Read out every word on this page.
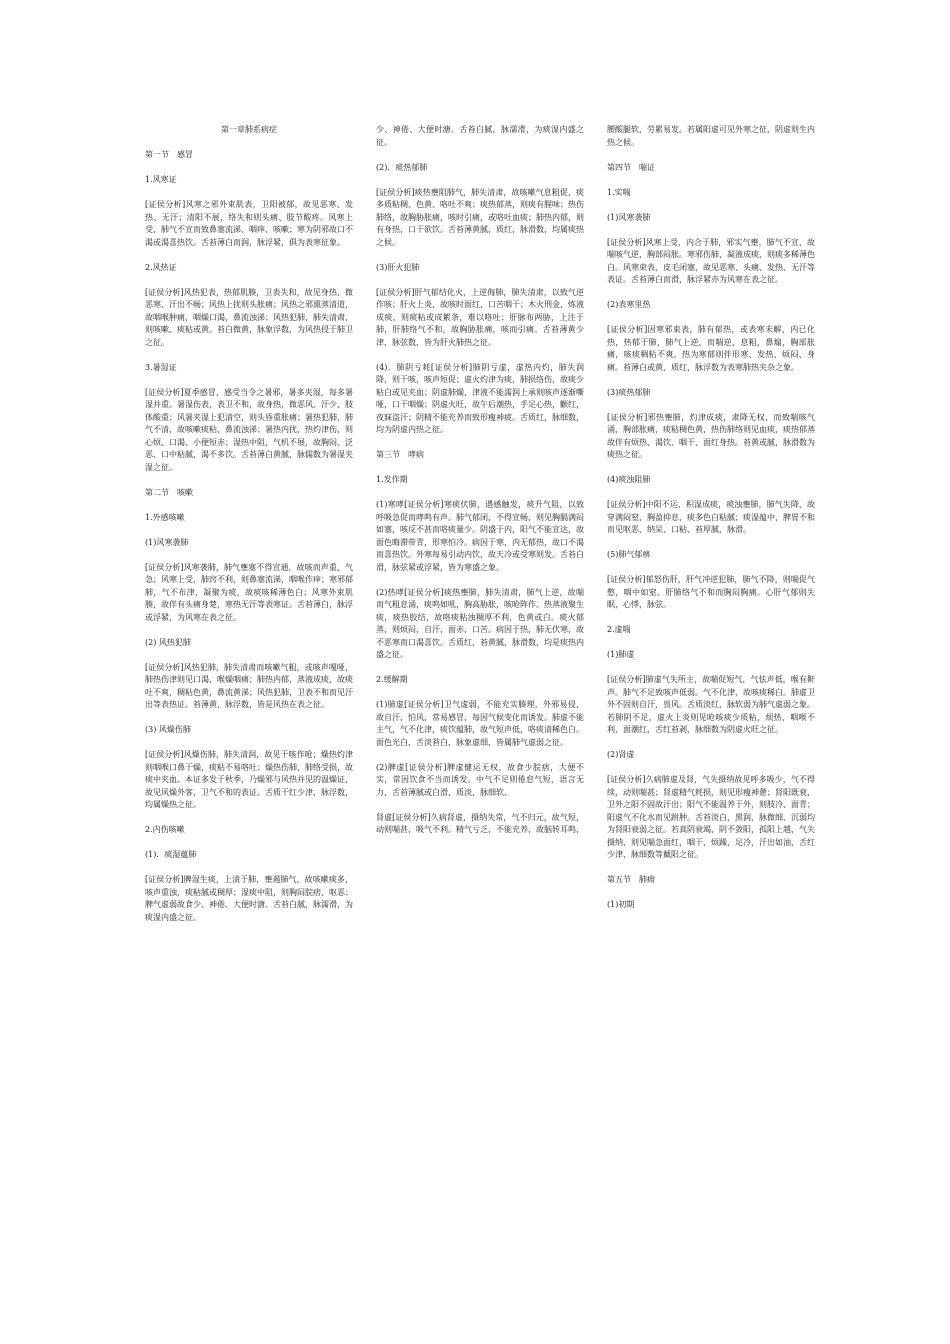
第一章肺系病症

第一节　感冒

1.风寒证

[证侯分析]风寒之邪外束肌表，卫阳被郁，故见恶寒、发热、无汗；清阳不展，络失和则头痛、肢节酸疼。风寒上受，肺气不宣而致鼻塞流涕、咽痒、咳嗽；寒为阴邪故口不渴或渴喜热饮。舌苔薄白而润，脉浮紧，俱为表寒征象。

2.风热证

[证侯分析]风热犯表，热郁肌腠，卫表失和，故见身热、微恶寒、汗出不畅；风热上扰则头胀痛；风热之邪熏蒸清道，故咽喉肿痛，咽燥口渴，鼻流浊涕；风热犯肺，肺失清肃，则咳嗽、痰粘或黄。苔白微黄，脉象浮数，为风热侵于肺卫之征。

3.暑湿证

[证侯分析]夏季感冒，感受当令之暑邪，暑多夹湿，每多暑湿并重。暑湿伤表，表卫不和，故身热，微恶风、汗少、肢体酸重；风暑夹湿上犯清空，则头昏重胀痛；暑热犯肺，肺气不清，故咳嗽痰粘，鼻流浊涕；暑热内扰，热灼津伤，则心烦、口渴、小便短赤；湿热中阻，气机不展，故胸闷、泛恶、口中粘腻，渴不多饮。舌苔薄白黄腻，脉儒数为暑湿夹湿之征。

第二节　咳嗽

1.外感咳嗽

(1)风寒袭肺

[证侯分析]风寒袭肺，肺气壅塞不得宣通，故咳而声重、气急；风寒上受，肺窍不利，则鼻塞流涕，咽喉作痒；寒邪郁肺，气不布津，凝聚为痰，故痰咳稀薄色白；风寒外束肌腠，故伴有头痛身楚，寒热无汗等表寒证。舌苔薄白，脉浮或浮紧，为风寒在表之征。

(2) 风热犯肺

[证侯分析]风热犯肺，肺失清肃而咳嗽气粗，或咳声嘎哑，肺热伤津则见口渴，喉燥咽痛；肺热内郁，蒸液成痰，故痰吐不爽，稠粘色黄，鼻流黄涕；风热犯肺，卫表不和而见汗出等表热证。苔薄黄，脉浮数，皆是风热在表之征。

(3) 风燥伤肺

[证侯分析]风燥伤肺，肺失清润，故见干咳作呛；燥热灼津则咽喉口鼻干燥，痰粘不易咯吐；燥热伤肺，肺络受损，故痰中夹血。本证多发于秋季，乃燥邪与风热并见的温燥证，故见风燥外客，卫气不和的表证。舌质干红少津，脉浮数，均属燥热之征。

2.内伤咳嗽

(1)．痰湿蕴肺

[证侯分析]脾湿生痰，上渍于肺，壅遏肺气，故咳嗽痰多，咳声重浊，痰粘腻或稠厚；湿痰中阻，则胸闷脘痞、呕恶；脾气虚弱故食少、神倦、大便时溏。舌苔白腻，脉濡滑，为痰湿内盛之征。

少、神倦、大便时溏。舌苔白腻，脉濡滑，为痰湿内盛之征。

(2)．痰热郁肺

[证侯分析]痰热壅阻肺气，肺失清肃，故咳嗽气息粗促，痰多质粘稠、色黄、咯吐不爽；痰热郁蒸，则痰有腥味；热伤肺络，故胸胁胀痛，咳时引痛，或咯吐血痰；肺热内郁，则有身热，口干欲饮。舌苔薄黄腻，质红，脉滑数，均属痰热之候。

(3)肝火犯肺

[证侯分析]肝气郁结化火，上逆侮肺，肺失清肃，以致气逆作咳；肝火上炎，故咳时面红，口苦咽干；木火刑金，炼液成痰，则痰粘或成絮条，难以咯吐；肝脉布两胁，上注于肺，肝肺络气不和，故胸胁胀痛，咳而引痛。舌苔薄黄少津，脉弦数，皆为肝火肺热之征。

(4)．肺阴亏耗[证侯分析]肺阴亏虚，虚热内灼，肺失润降，则干咳，咳声短促；虚火灼津为痰，肺损络伤，故痰少粘白或见夹血；阴虚肺燥，津液不能濡润上承则咳声逐渐嘶哑，口干咽燥；阴虚火旺，故午后潮热，手足心热，颧红，夜寐盗汗；阴精不能充养而致形瘦神疲。舌质红，脉细数，均为阴虚内热之征。

第三节　哮病

1.发作期

(1)寒哮[证侯分析]寒痰伏肺，遇感触发，痰升气阻，以致呼吸急促而哮鸣有声。肺气郁闭，不得宣畅，则见胸膈满闷如塞，咳反不甚而咯痰量少。阴盛于内，阳气不能宣达，故面色晦滞带青，形寒怕冷。病因于寒，内无郁热，故口不渴而喜热饮。外寒每易引动内饮，故天冷或受寒则发。舌苔白滑，脉弦紧或浮紧，皆为寒盛之象。

(2)热哮[证侯分析]痰热壅肺，肺失清肃，肺气上逆，故喘而气粗息涌，痰鸣如吼，胸高胁胀，咳呛阵作。热蒸液聚生痰，痰热胶结，故咯痰粘浊稠厚不利，色黄或白。痰火郁蒸，则烦闷，自汗，面赤，口苦。病因于热，肺无伏寒，故不恶寒而口渴喜饮。舌质红，苔黄腻，脉滑数，均是痰热内盛之征。

2.缓解期

(1)肺虚[证侯分析]卫气虚弱，不能充实腠理，外邪易侵，故自汗，怕风，常易感冒，每因气候变化而诱发。肺虚不能主气，气不化津，痰饮蕴肺，故气短声低，咯痰清稀色白。面色光白，舌淡苔白，脉象虚细，皆属肺气虚弱之征。

(2)脾虚[证侯分析]脾虚健运无权，故食少脘痞，大便不实，常因饮食不当而诱发。中气不足则倦怠气短，语言无力，舌苔薄腻或白滑，质淡，脉细软。

肾虚[证侯分析]久病肾虚，摄纳失常，气不归元，故气短，动则喘甚，吸气不利。精气亏乏，不能充养，故脑转耳鸣，

腰酸腿软，劳累易发。若属阳虚可见外寒之征，阴虚则生内热之候。

第四节　喘证

1.实喘

(1)风寒袭肺

[证侯分析]风寒上受，内合于肺，邪实气壅，肺气不宣，故喘咳气逆，胸部闷胀。寒邪伤肺，凝液成痰，则痰多稀薄色白。风寒束表，皮毛闭塞，故见恶寒、头痛、发热、无汗等表证。舌苔薄白而滑，脉浮紧亦为风寒在表之征。

(2)表寒里热

[证侯分析]因寒邪束表，肺有郁热，或表寒未解，内已化热，热郁于肺，肺气上逆，而喘逆，息粗，鼻煽，胸部胀痛，咳痰稠粘不爽，热为寒郁则伴形寒、发热、烦闷、身痛。苔薄白或黄，质红，脉浮数为表寒肺热夹杂之象。

(3)痰热郁肺

[证侯分析]邪热壅肺，灼津成痰，肃降无权，而致喘咳气涌，胸部胀痛，痰粘稠色黄，热伤肺络则见血痰，痰热郁蒸故伴有烦热、渴饮、咽干、面红身热。苔黄或腻，脉滑数为痰热之征。

(4)痰浊阻肺

[证侯分析]中阳不运，积湿成痰，痰浊壅肺，肺气失降，故穿满闷窒，胸盈抑息，痰多色白粘腻；痰湿蕴中，脾胃不和而见呕恶、纳呆、口粘、苔厚腻，脉滑。

(5)肺气郁痹

[证侯分析]郁怒伤肝，肝气冲逆犯肺，肺气不降，则喘促气憋，咽中如窒。肝肺络气不和而胸闷胸痛。心肝气郁则失眠，心悸，脉弦。

2.虚喘

(1)肺虚

[证侯分析]肺虚气失所主，故喘促短气，气怯声低，喉有鼾声。肺气不足致咳声低弱。气不化津，故咳痰稀白。肺虚卫外不固则自汗，畏风。舌质淡红，脉软弱为肺气虚弱之象。若肺阴不足，虚火上炎则见呛咳痰少质粘，烦热，咽喉不利，面潮红，舌红苔剥，脉细数为阴虚火旺之征。

(2)肾虚

[证侯分析]久病肺虚及肾，气失摄纳故见呼多吸少，气不得续，动则喘甚；肾虚精气耗损，则见形瘦神惫；肾阳既衰，卫外之阳不固故汗出；阳气不能温养于外，则肢冷、面青；阳虚气不化水而见跗肿。舌苔淡白，黑润，脉微细、沉弱均为肾阳衰弱之征。若真阴衰竭，阴不敛阳，孤阳上越，气失摄纳，则见喘急面红，咽干，烦躁，足冷，汗出如油，舌红少津，脉细数等戴阳之征。

第五节　肺痈

(1)初期
